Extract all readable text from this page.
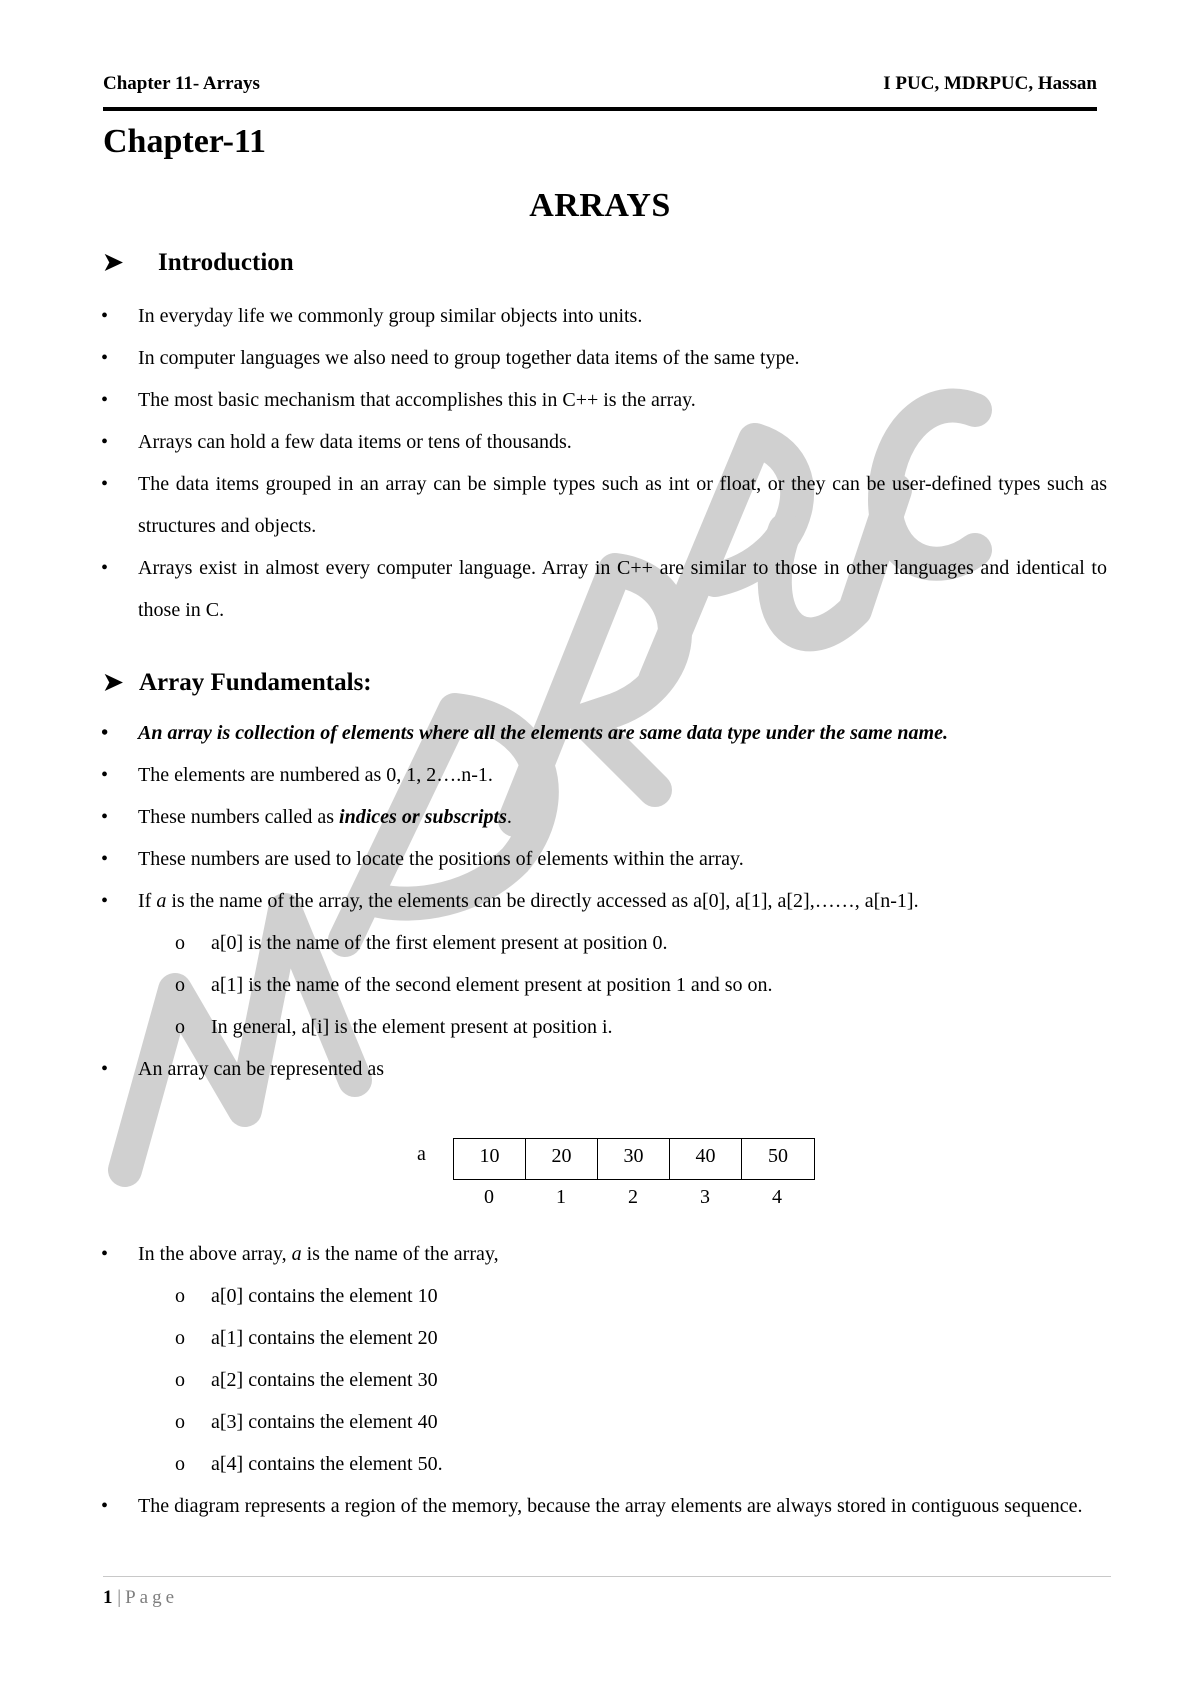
Chapter 11- Arrays	I PUC, MDRPUC, Hassan
Chapter-11
ARRAYS
➤ Introduction
• In everyday life we commonly group similar objects into units.
• In computer languages we also need to group together data items of the same type.
• The most basic mechanism that accomplishes this in C++ is the array.
• Arrays can hold a few data items or tens of thousands.
• The data items grouped in an array can be simple types such as int or float, or they can be user-defined types such as structures and objects.
• Arrays exist in almost every computer language. Array in C++ are similar to those in other languages and identical to those in C.
➤ Array Fundamentals:
• An array is collection of elements where all the elements are same data type under the same name.
• The elements are numbered as 0, 1, 2….n-1.
• These numbers called as indices or subscripts.
• These numbers are used to locate the positions of elements within the array.
• If a is the name of the array, the elements can be directly accessed as a[0], a[1], a[2],……, a[n-1].
o a[0] is the name of the first element present at position 0.
o a[1] is the name of the second element present at position 1 and so on.
o In general, a[i] is the element present at position i.
• An array can be represented as
a	10	20	30	40	50
0	1	2	3	4
• In the above array, a is the name of the array,
o a[0] contains the element 10
o a[1] contains the element 20
o a[2] contains the element 30
o a[3] contains the element 40
o a[4] contains the element 50.
• The diagram represents a region of the memory, because the array elements are always stored in contiguous sequence.
1 | Page
